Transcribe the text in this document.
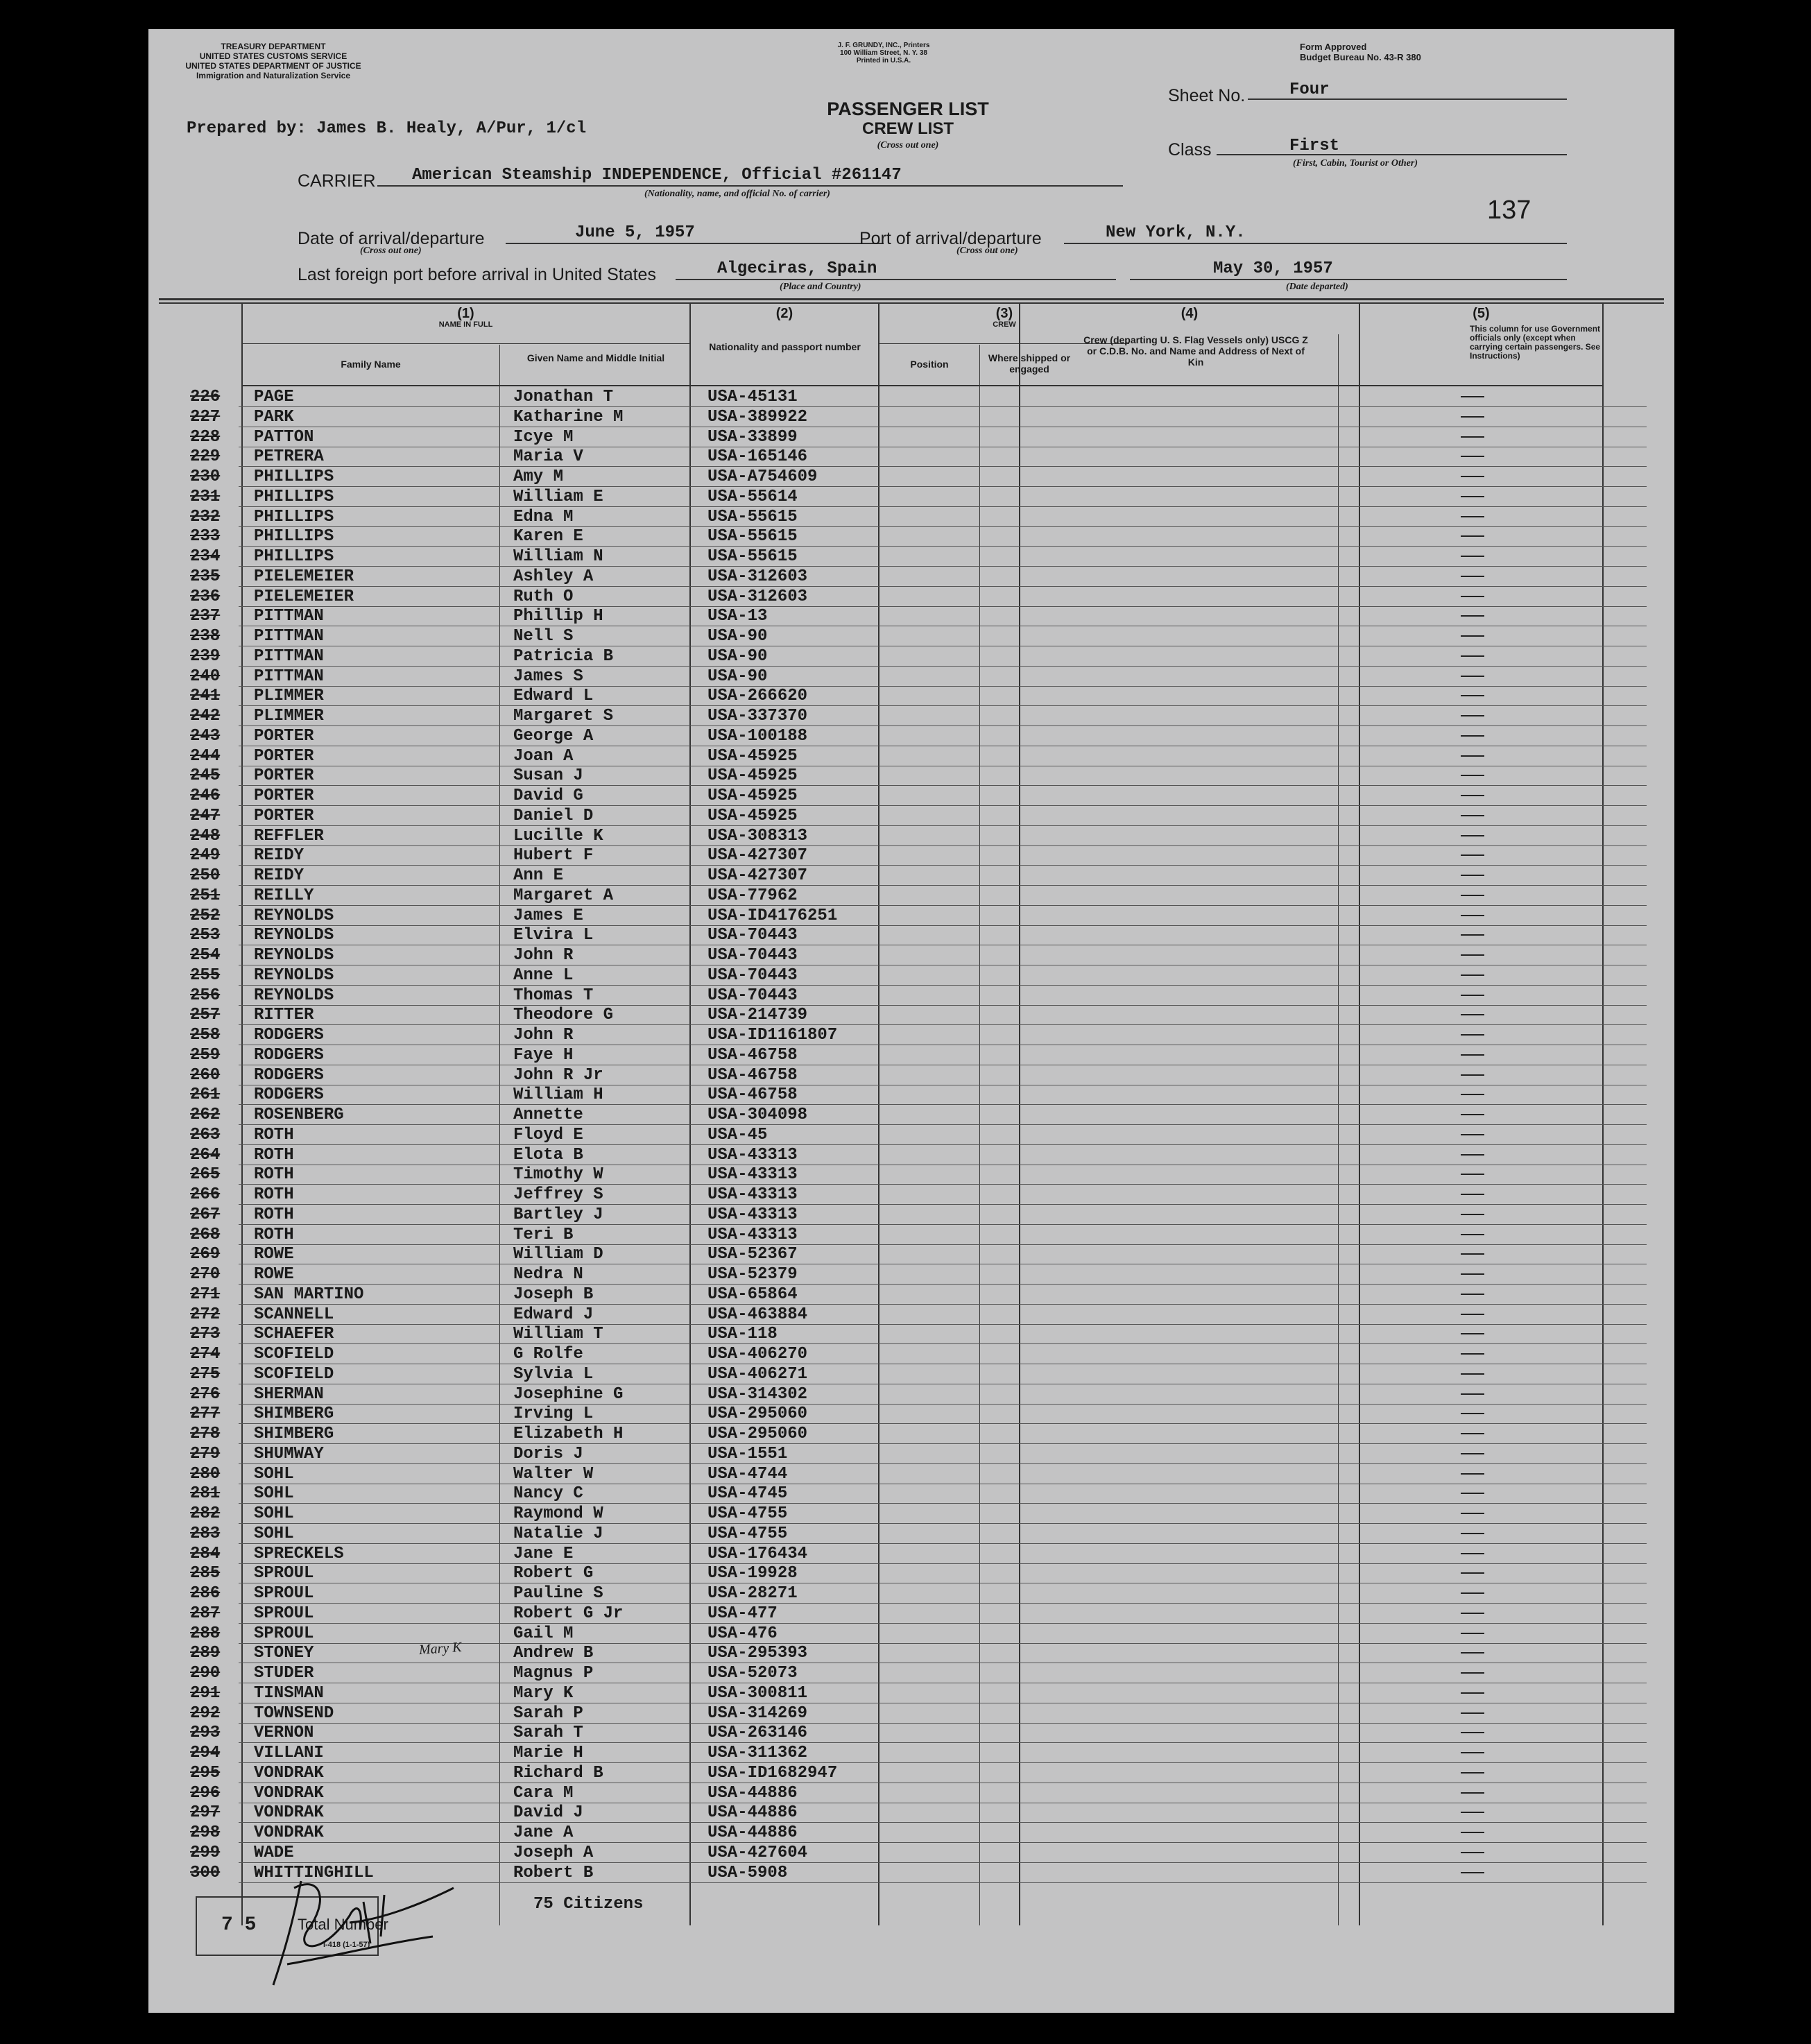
TREASURY DEPARTMENT
UNITED STATES CUSTOMS SERVICE
UNITED STATES DEPARTMENT OF JUSTICE
Immigration and Naturalization Service
J. F. GRUNDY, INC., Printers
100 William Street, N. Y. 38
Printed in U.S.A.
Form Approved
Budget Bureau No. 43-R 380
PASSENGER LIST
CREW LIST
(Cross out one)
Sheet No.	Four
Class	First
(First, Cabin, Tourist or Other)
Prepared by: James B. Healy, A/Pur, 1/cl
CARRIER American Steamship INDEPENDENCE, Official #261147
(Nationality, name, and official No. of carrier)
137
Date of arrival/departure	June 5, 1957
(Cross out one)
Port of arrival/departure	New York, N.Y.
(Cross out one)
Last foreign port before arrival in United States	Algeciras, Spain
(Place and Country)
May 30, 1957
(Date departed)
(1)
NAME IN FULL
Family Name
Given Name and Middle Initial
(2)
Nationality and passport number
(3)
CREW
Position
Where shipped or engaged
(4)
Crew (departing U. S. Flag Vessels only) USCG Z or C.D.B. No. and Name and Address of Next of Kin
(5)
This column for use Government officials only (except when carrying certain passengers. See Instructions)
226 PAGE	Jonathan T	USA-45131
227 PARK	Katharine M	USA-389922
228 PATTON	Icye M	USA-33899
229 PETRERA	Maria V	USA-165146
230 PHILLIPS	Amy M	USA-A754609
231 PHILLIPS	William E	USA-55614
232 PHILLIPS	Edna M	USA-55615
233 PHILLIPS	Karen E	USA-55615
234 PHILLIPS	William N	USA-55615
235 PIELEMEIER	Ashley A	USA-312603
236 PIELEMEIER	Ruth O	USA-312603
237 PITTMAN	Phillip H	USA-13
238 PITTMAN	Nell S	USA-90
239 PITTMAN	Patricia B	USA-90
240 PITTMAN	James S	USA-90
241 PLIMMER	Edward L	USA-266620
242 PLIMMER	Margaret S	USA-337370
243 PORTER	George A	USA-100188
244 PORTER	Joan A	USA-45925
245 PORTER	Susan J	USA-45925
246 PORTER	David G	USA-45925
247 PORTER	Daniel D	USA-45925
248 REFFLER	Lucille K	USA-308313
249 REIDY	Hubert F	USA-427307
250 REIDY	Ann E	USA-427307
251 REILLY	Margaret A	USA-77962
252 REYNOLDS	James E	USA-ID4176251
253 REYNOLDS	Elvira L	USA-70443
254 REYNOLDS	John R	USA-70443
255 REYNOLDS	Anne L	USA-70443
256 REYNOLDS	Thomas T	USA-70443
257 RITTER	Theodore G	USA-214739
258 RODGERS	John R	USA-ID1161807
259 RODGERS	Faye H	USA-46758
260 RODGERS	John R Jr	USA-46758
261 RODGERS	William H	USA-46758
262 ROSENBERG	Annette	USA-304098
263 ROTH	Floyd E	USA-45
264 ROTH	Elota B	USA-43313
265 ROTH	Timothy W	USA-43313
266 ROTH	Jeffrey S	USA-43313
267 ROTH	Bartley J	USA-43313
268 ROTH	Teri B	USA-43313
269 ROWE	William D	USA-52367
270 ROWE	Nedra N	USA-52379
271 SAN MARTINO	Joseph B	USA-65864
272 SCANNELL	Edward J	USA-463884
273 SCHAEFER	William T	USA-118
274 SCOFIELD	G Rolfe	USA-406270
275 SCOFIELD	Sylvia L	USA-406271
276 SHERMAN	Josephine G	USA-314302
277 SHIMBERG	Irving L	USA-295060
278 SHIMBERG	Elizabeth H	USA-295060
279 SHUMWAY	Doris J	USA-1551
280 SOHL	Walter W	USA-4744
281 SOHL	Nancy C	USA-4745
282 SOHL	Raymond W	USA-4755
283 SOHL	Natalie J	USA-4755
284 SPRECKELS	Jane E	USA-176434
285 SPROUL	Robert G	USA-19928
286 SPROUL	Pauline S	USA-28271
287 SPROUL	Robert G Jr	USA-477
288 SPROUL	Gail M	USA-476
289 STONEY	Andrew B	USA-295393
290 STUDER	Magnus P	USA-52073
291 TINSMAN	Mary K	USA-300811
292 TOWNSEND	Sarah P	USA-314269
293 VERNON	Sarah T	USA-263146
294 VILLANI	Marie H	USA-311362
295 VONDRAK	Richard B	USA-ID1682947
296 VONDRAK	Cara M	USA-44886
297 VONDRAK	David J	USA-44886
298 VONDRAK	Jane A	USA-44886
299 WADE	Joseph A	USA-427604
300 WHITTINGHILL	Robert B	USA-5908
Mary K
7 5	Total Number
75 Citizens
I-418 (1-1-57)
